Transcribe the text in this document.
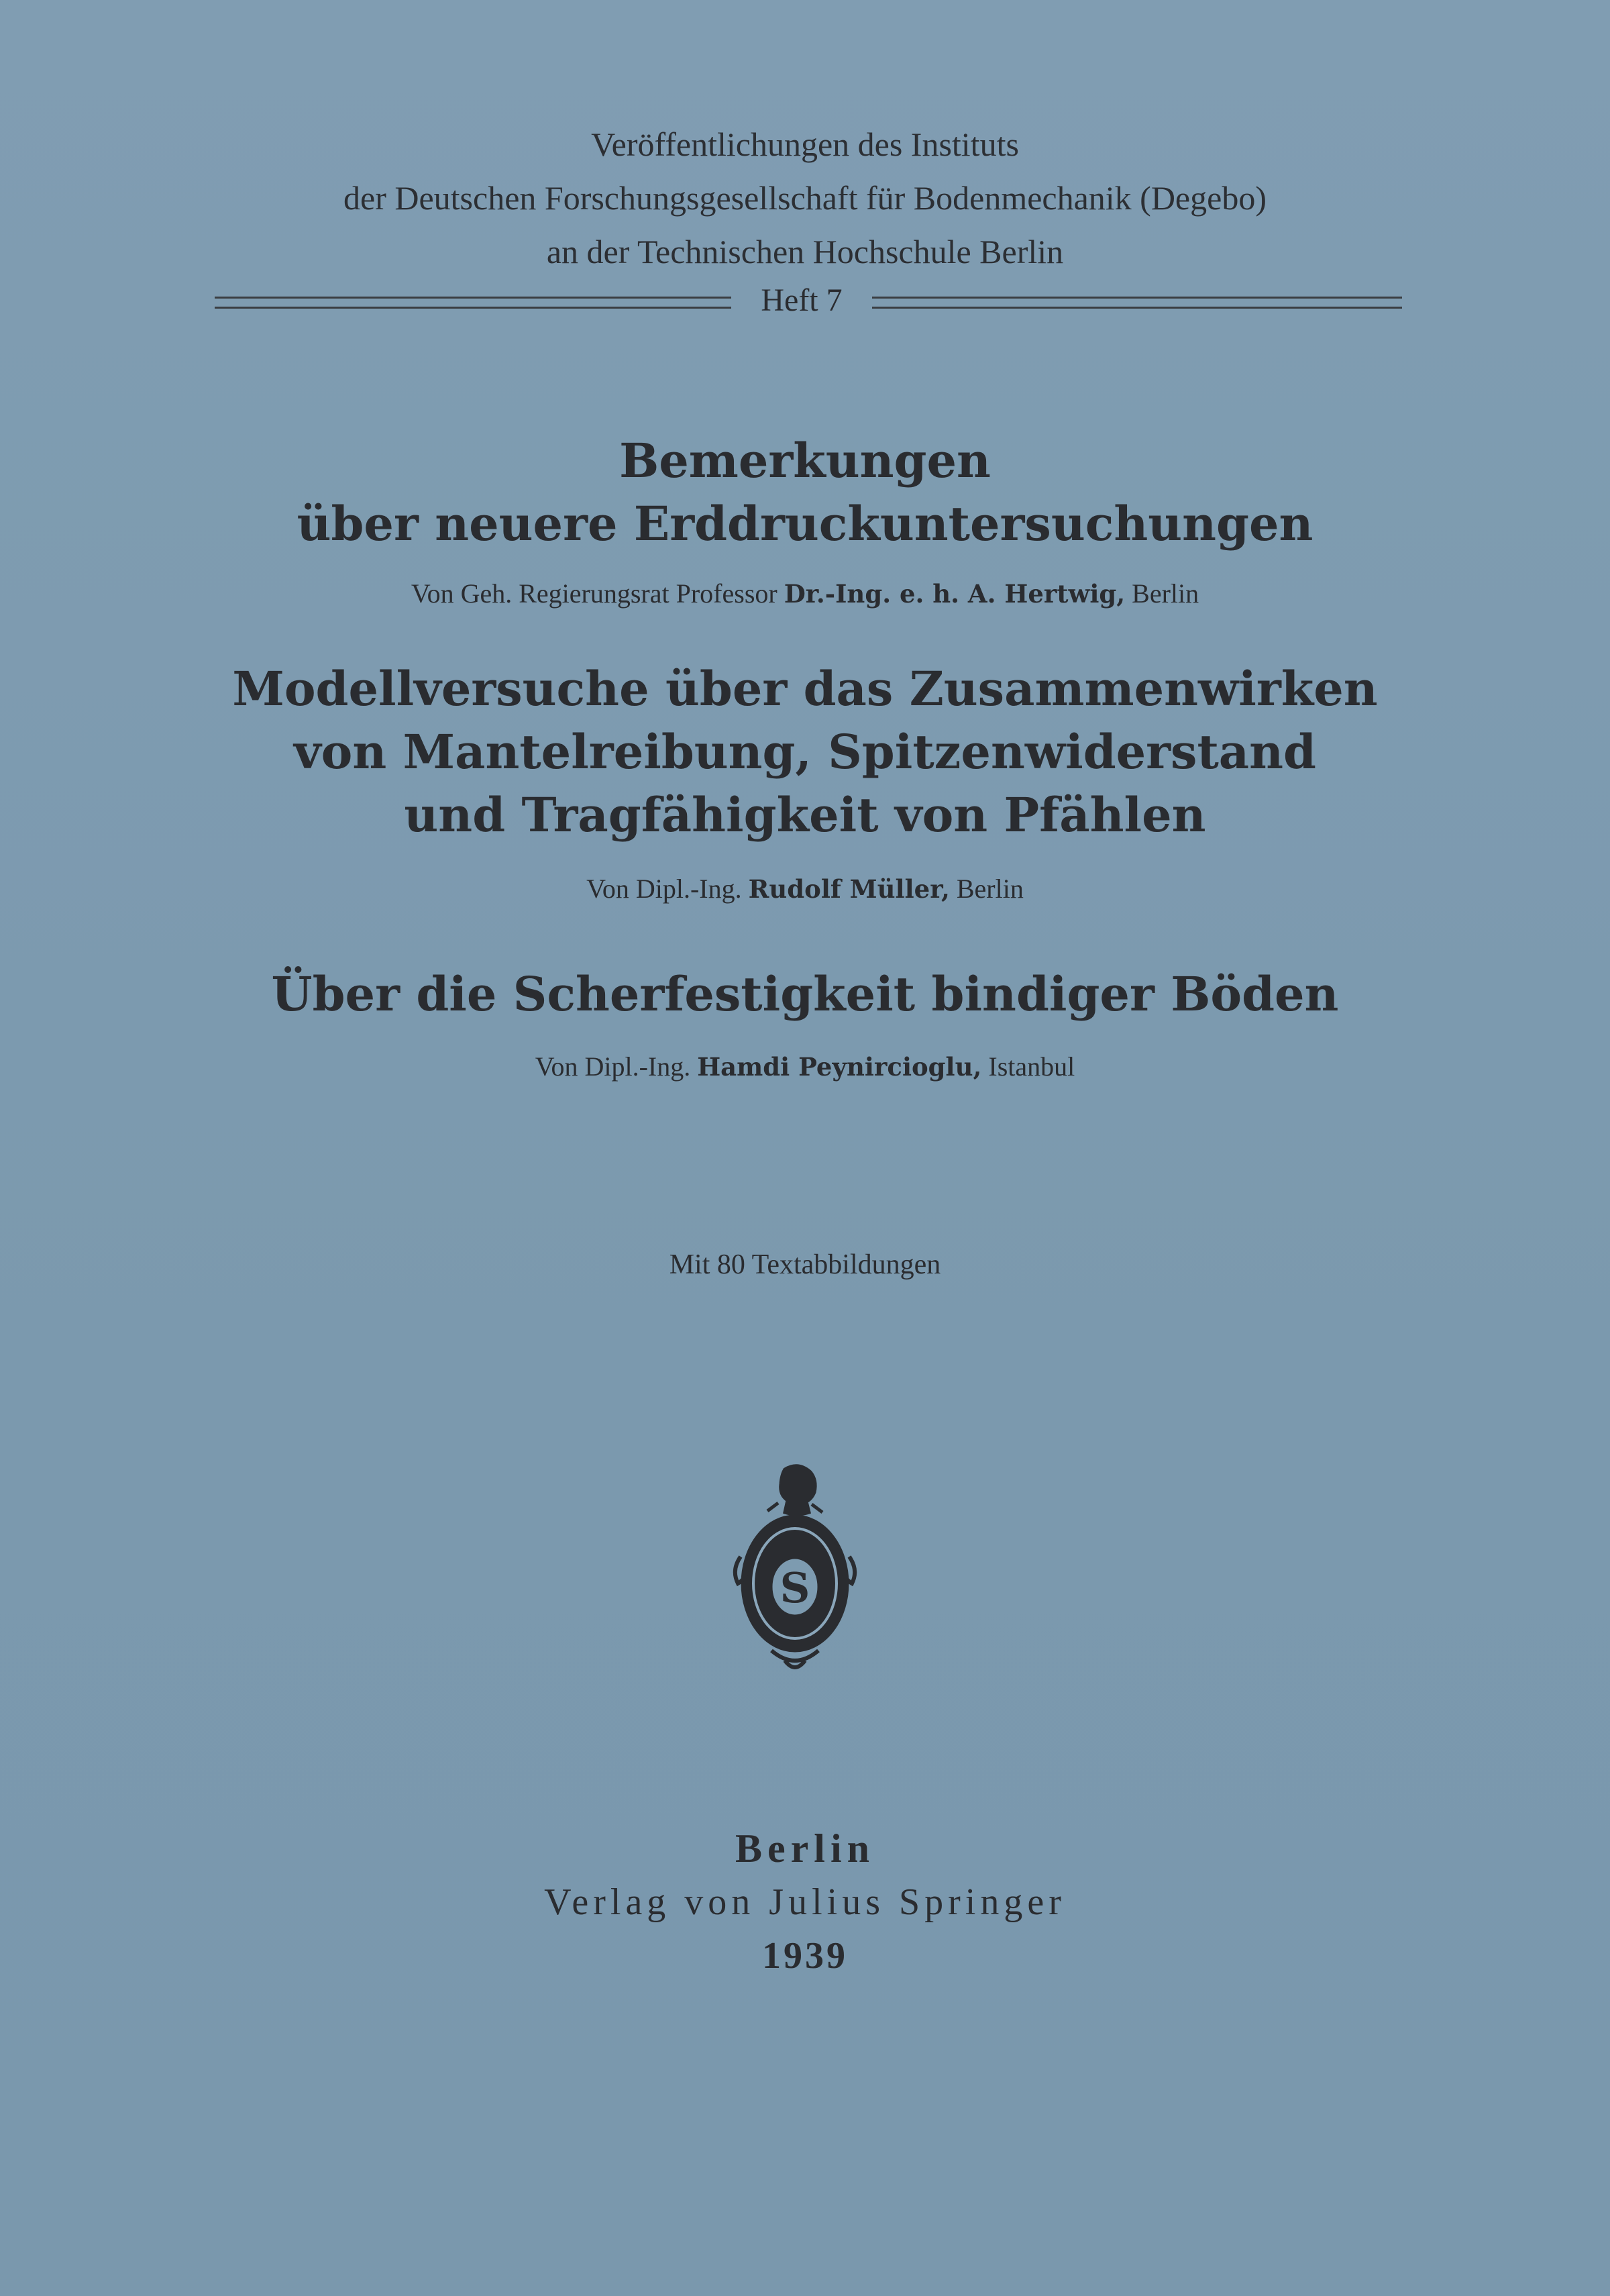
Veröffentlichungen des Instituts
der Deutschen Forschungsgesellschaft für Bodenmechanik (Degebo)
an der Technischen Hochschule Berlin
Heft 7
Bemerkungen
über neuere Erddruckuntersuchungen
Von Geh. Regierungsrat Professor Dr.-Ing. e. h. A. Hertwig, Berlin
Modellversuche über das Zusammenwirken
von Mantelreibung, Spitzenwiderstand
und Tragfähigkeit von Pfählen
Von Dipl.-Ing. Rudolf Müller, Berlin
Über die Scherfestigkeit bindiger Böden
Von Dipl.-Ing. Hamdi Peynircioglu, Istanbul
Mit 80 Textabbildungen
S
Berlin
Verlag von Julius Springer
1939
